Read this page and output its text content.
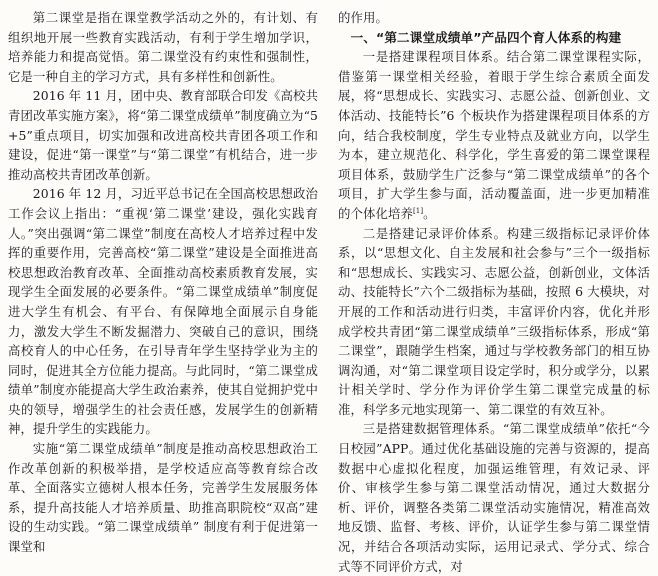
第二课堂是指在课堂教学活动之外的，有计划、有组织地开展一些教育实践活动，有利于学生增加学识，培养能力和提高觉悟。第二课堂没有约束性和强制性，它是一种自主的学习方式，具有多样性和创新性。

2016 年 11 月，团中央、教育部联合印发《高校共青团改革实施方案》，将“第二课堂成绩单”制度确立为“5+5”重点项目，切实加强和改进高校共青团各项工作和建设，促进“第一课堂”与“第二课堂”有机结合，进一步推动高校共青团改革创新。

2016 年 12 月，习近平总书记在全国高校思想政治工作会议上指出：“重视‘第二课堂’建设，强化实践育人。”突出强调“第二课堂”制度在高校人才培养过程中发挥的重要作用，完善高校“第二课堂”建设是全面推进高校思想政治教育改革、全面推动高校素质教育发展，实现学生全面发展的必要条件。“第二课堂成绩单”制度促进大学生有机会、有平台、有保障地全面展示自身能力，激发大学生不断发掘潜力、突破自己的意识，围绕高校育人的中心任务，在引导青年学生坚持学业为主的同时，促进其全方位能力提高。与此同时，“第二课堂成绩单”制度亦能提高大学生政治素养，使其自觉拥护党中央的领导，增强学生的社会责任感，发展学生的创新精神，提升学生的实践能力。

实施“第二课堂成绩单”制度是推动高校思想政治工作改革创新的积极举措，是学校适应高等教育综合改革、全面落实立德树人根本任务，完善学生发展服务体系，提升高技能人才培养质量、助推高职院校“双高”建设的生动实践。“第二课堂成绩单” 制度有利于促进第一课堂和

的作用。

一、“第二课堂成绩单”产品四个育人体系的构建

一是搭建课程项目体系。结合第二课堂课程实际，借鉴第一课堂相关经验，着眼于学生综合素质全面发展，将“思想成长、实践实习、志愿公益、创新创业、文体活动、技能特长”6 个板块作为搭建课程项目体系的方向，结合我校制度，学生专业特点及就业方向，以学生为本，建立规范化、科学化，学生喜爱的第二课堂课程项目体系，鼓励学生广泛参与“第二课堂成绩单”的各个项目，扩大学生参与面，活动覆盖面，进一步更加精准的个体化培养[1]。

二是搭建记录评价体系。构建三级指标记录评价体系，以“思想文化、自主发展和社会参与”三个一级指标和“思想成长、实践实习、志愿公益，创新创业，文体活动、技能特长”六个二级指标为基础，按照 6 大模块，对开展的工作和活动进行归类，丰富评价内容，优化并形成学校共青团“第二课堂成绩单”三级指标体系，形成“第二课堂”，跟随学生档案，通过与学校教务部门的相互协调沟通，对“第二课堂项目设定学时，积分或学分，以累计相关学时、学分作为评价学生第二课堂完成量的标准，科学多元地实现第一、第二课堂的有效互补。

三是搭建数据管理体系。“第二课堂成绩单”依托“今日校园”APP。通过优化基础设施的完善与资源的，提高数据中心虚拟化程度，加强运维管理，有效记录、评价、审核学生参与第二课堂活动情况，通过大数据分析、评价，调整各类第二课堂活动实施情况，精准高效地反馈、监督、考核、评价，认证学生参与第二课堂情况，并结合各项活动实际，运用记录式、学分式、综合式等不同评价方式，对
